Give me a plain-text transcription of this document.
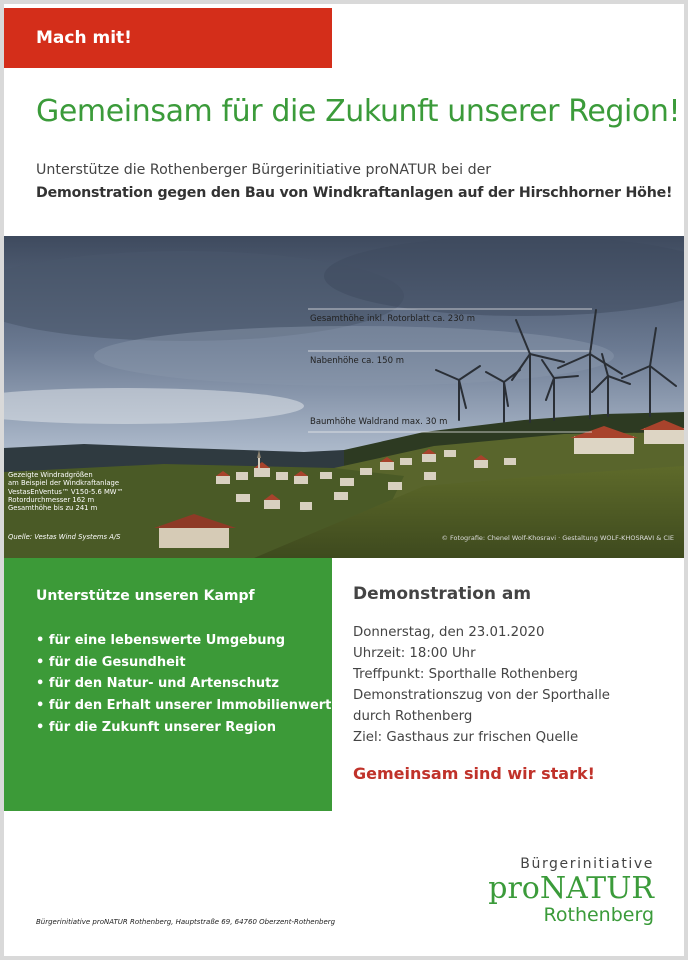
Mach mit!
Gemeinsam für die Zukunft unserer Region!
Unterstütze die Rothenberger Bürgerinitiative proNATUR bei der
Demonstration gegen den Bau von Windkraftanlagen auf der Hirschhorner Höhe!
Gesamthöhe inkl. Rotorblatt ca. 230 m
Nabenhöhe ca. 150 m
Baumhöhe Waldrand max. 30 m
Gezeigte Windradgrößen
am Beispiel der Windkraftanlage
VestasEnVentus™ V150-5.6 MW™
Rotordurchmesser 162 m
Gesamthöhe bis zu 241 m
Quelle: Vestas Wind Systems A/S	© Fotografie: Chenel Wolf-Khosravi · Gestaltung WOLF-KHOSRAVI & CIE
Unterstütze unseren Kampf
• für eine lebenswerte Umgebung
• für die Gesundheit
• für den Natur- und Artenschutz
• für den Erhalt unserer Immobilienwerte
• für die Zukunft unserer Region
Demonstration am
Donnerstag, den 23.01.2020
Uhrzeit: 18:00 Uhr
Treffpunkt: Sporthalle Rothenberg
Demonstrationszug von der Sporthalle
durch Rothenberg
Ziel: Gasthaus zur frischen Quelle
Gemeinsam sind wir stark!
Bürgerinitiative proNATUR Rothenberg, Hauptstraße 69, 64760 Oberzent-Rothenberg
Bürgerinitiative
proNATUR
Rothenberg
